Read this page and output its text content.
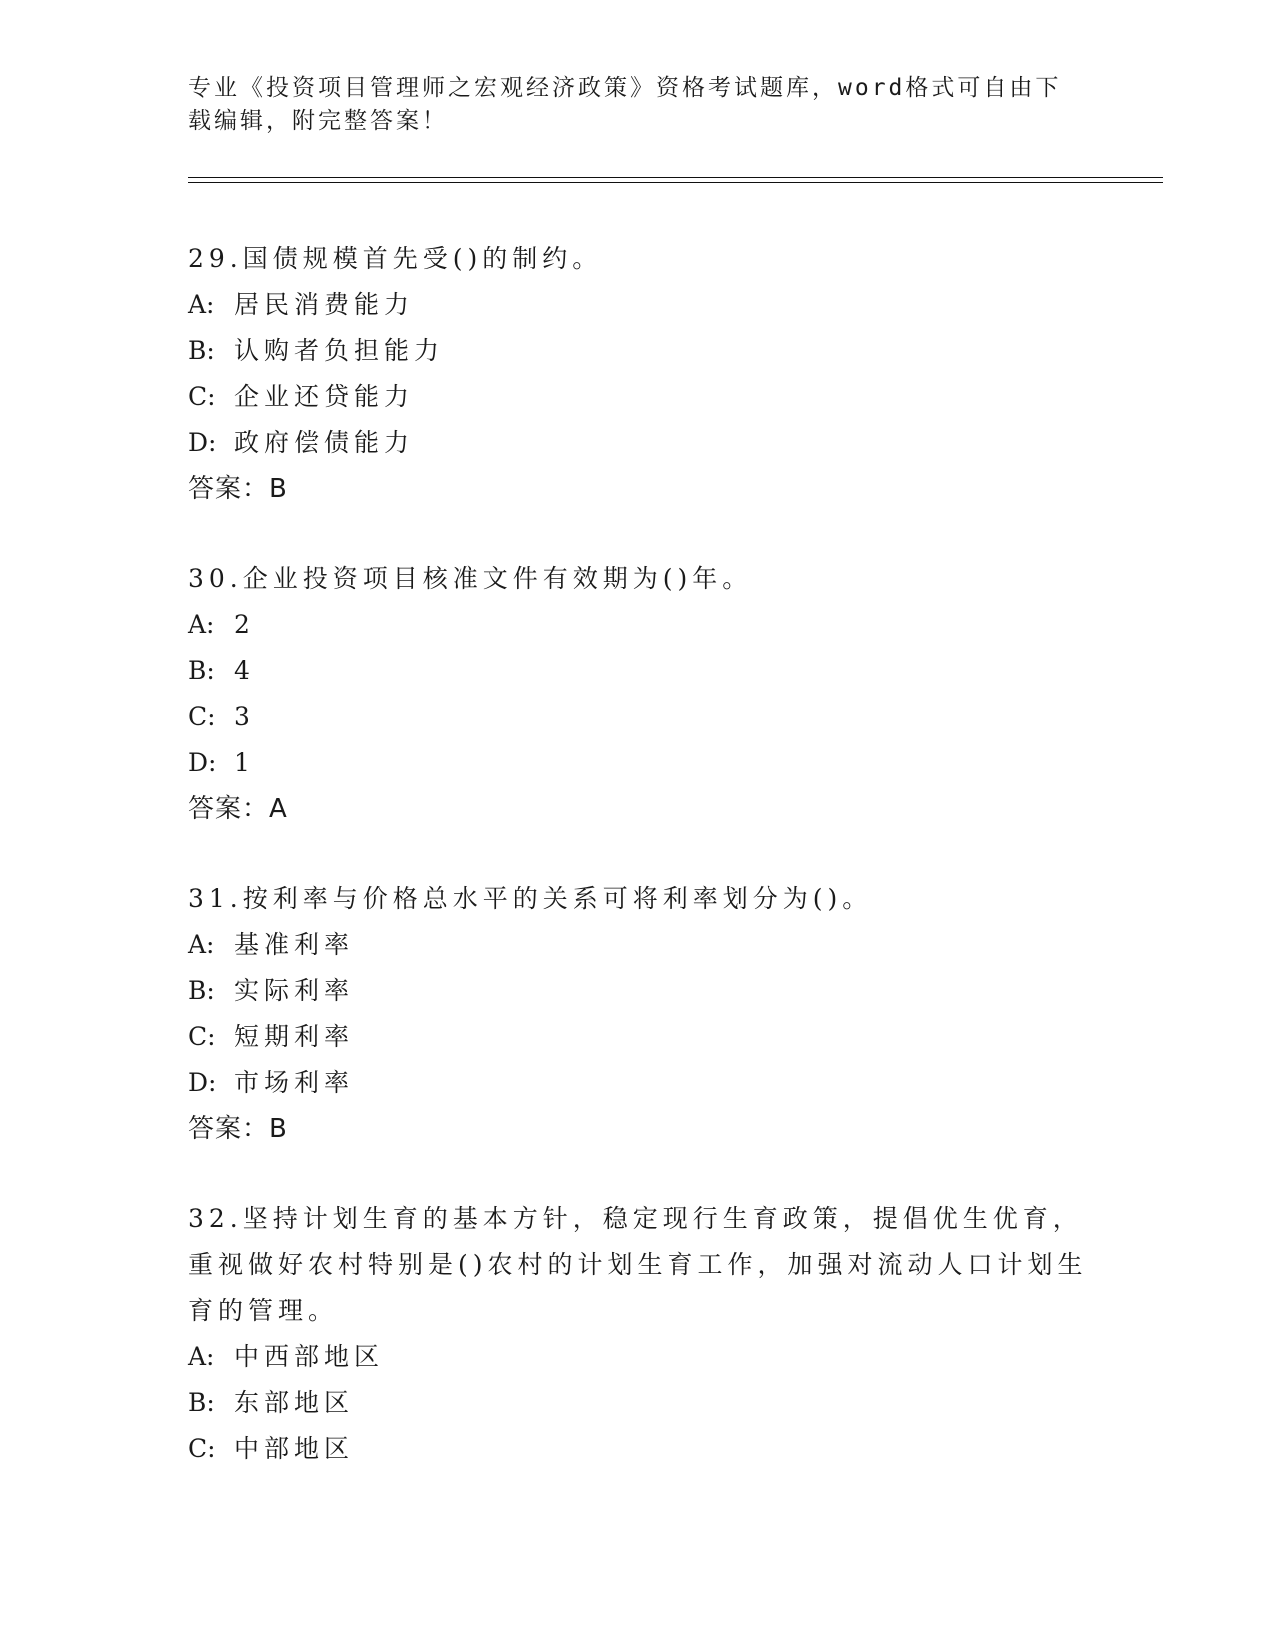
专业《投资项目管理师之宏观经济政策》资格考试题库，word格式可自由下载编辑，附完整答案！

29.国债规模首先受()的制约。

A: 居民消费能力

B: 认购者负担能力

C: 企业还贷能力

D: 政府偿债能力

答案：B

30.企业投资项目核准文件有效期为()年。

A: 2

B: 4

C: 3

D: 1

答案：A

31.按利率与价格总水平的关系可将利率划分为()。

A: 基准利率

B: 实际利率

C: 短期利率

D: 市场利率

答案：B

32.坚持计划生育的基本方针，稳定现行生育政策，提倡优生优育，重视做好农村特别是()农村的计划生育工作，加强对流动人口计划生育的管理。

A: 中西部地区

B: 东部地区

C: 中部地区
